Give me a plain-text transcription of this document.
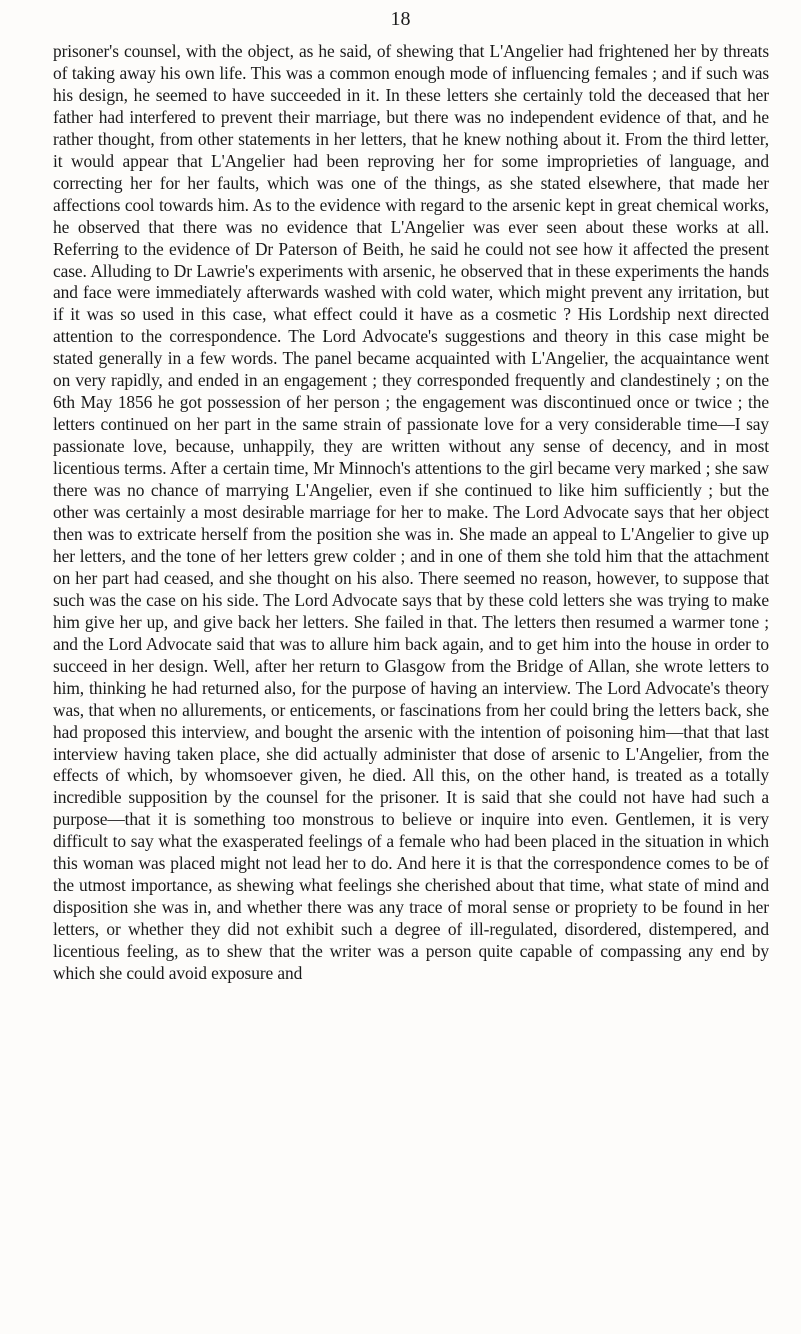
18

prisoner's counsel, with the object, as he said, of shewing that L'Angelier had frightened her by threats of taking away his own life. This was a common enough mode of influencing females ; and if such was his design, he seemed to have succeeded in it. In these letters she certainly told the deceased that her father had interfered to prevent their marriage, but there was no independent evidence of that, and he rather thought, from other statements in her letters, that he knew nothing about it. From the third letter, it would appear that L'Angelier had been reproving her for some improprieties of language, and correcting her for her faults, which was one of the things, as she stated elsewhere, that made her affections cool towards him. As to the evidence with regard to the arsenic kept in great chemical works, he observed that there was no evidence that L'Angelier was ever seen about these works at all. Referring to the evidence of Dr Paterson of Beith, he said he could not see how it affected the present case. Alluding to Dr Lawrie's experiments with arsenic, he observed that in these experiments the hands and face were immediately afterwards washed with cold water, which might prevent any irritation, but if it was so used in this case, what effect could it have as a cosmetic ? His Lordship next directed attention to the correspondence. The Lord Advocate's suggestions and theory in this case might be stated generally in a few words. The panel became acquainted with L'Angelier, the acquaintance went on very rapidly, and ended in an engagement ; they corresponded frequently and clandestinely ; on the 6th May 1856 he got possession of her person ; the engagement was discontinued once or twice ; the letters continued on her part in the same strain of passionate love for a very considerable time—I say passionate love, because, unhappily, they are written without any sense of decency, and in most licentious terms. After a certain time, Mr Minnoch's attentions to the girl became very marked ; she saw there was no chance of marrying L'Angelier, even if she continued to like him sufficiently ; but the other was certainly a most desirable marriage for her to make. The Lord Advocate says that her object then was to extricate herself from the position she was in. She made an appeal to L'Angelier to give up her letters, and the tone of her letters grew colder ; and in one of them she told him that the attachment on her part had ceased, and she thought on his also. There seemed no reason, however, to suppose that such was the case on his side. The Lord Advocate says that by these cold letters she was trying to make him give her up, and give back her letters. She failed in that. The letters then resumed a warmer tone ; and the Lord Advocate said that was to allure him back again, and to get him into the house in order to succeed in her design. Well, after her return to Glasgow from the Bridge of Allan, she wrote letters to him, thinking he had returned also, for the purpose of having an interview. The Lord Advocate's theory was, that when no allurements, or enticements, or fascinations from her could bring the letters back, she had proposed this interview, and bought the arsenic with the intention of poisoning him—that that last interview having taken place, she did actually administer that dose of arsenic to L'Angelier, from the effects of which, by whomsoever given, he died. All this, on the other hand, is treated as a totally incredible supposition by the counsel for the prisoner. It is said that she could not have had such a purpose—that it is something too monstrous to believe or inquire into even. Gentlemen, it is very difficult to say what the exasperated feelings of a female who had been placed in the situation in which this woman was placed might not lead her to do. And here it is that the correspondence comes to be of the utmost importance, as shewing what feelings she cherished about that time, what state of mind and disposition she was in, and whether there was any trace of moral sense or propriety to be found in her letters, or whether they did not exhibit such a degree of ill-regulated, disordered, distempered, and licentious feeling, as to shew that the writer was a person quite capable of compassing any end by which she could avoid exposure and
